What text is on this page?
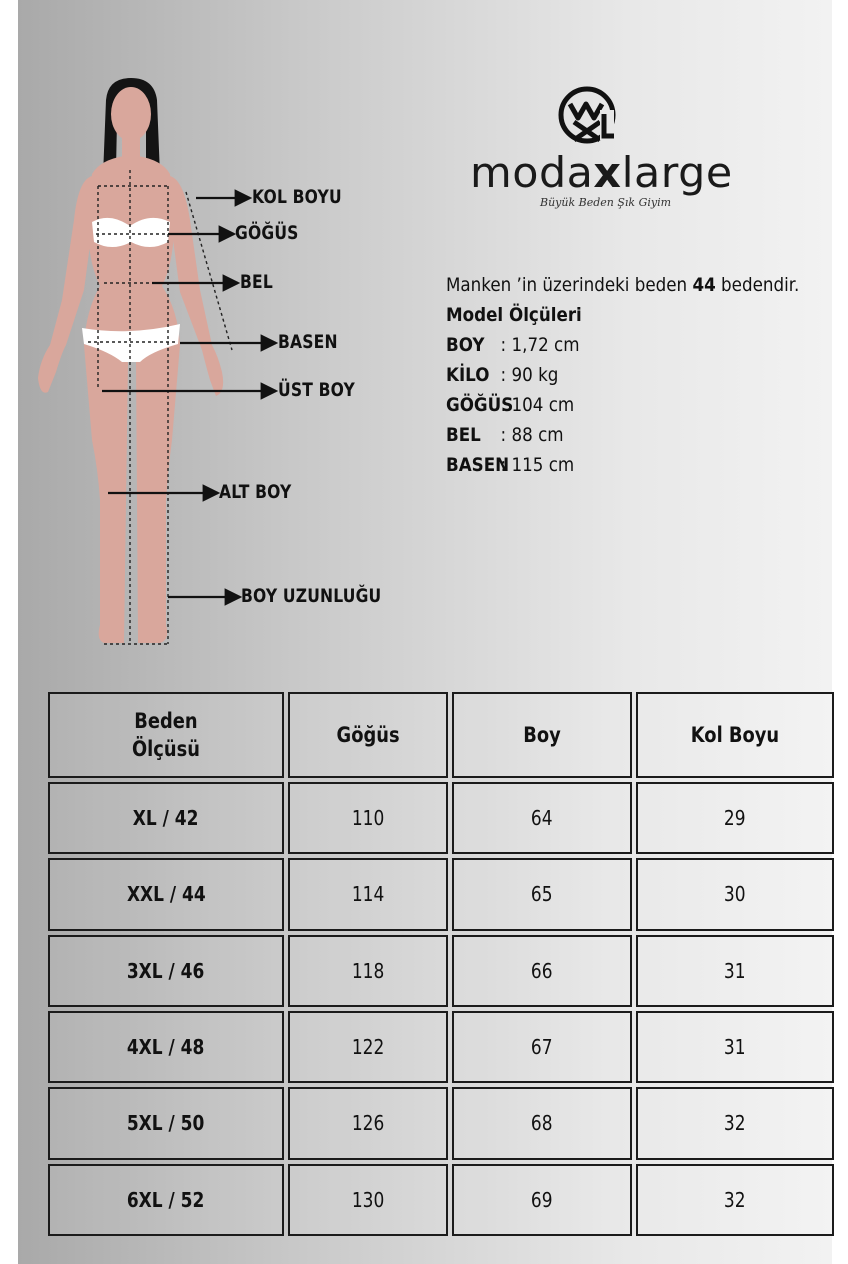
KOL BOYU
GÖĞÜS
BEL
BASEN
ÜST BOY
ALT BOY
BOY UZUNLUĞU
modaxlarge
Büyük Beden Şık Giyim
Manken ’in üzerindeki beden 44 bedendir.
Model Ölçüleri
BOY : 1,72 cm
KİLO : 90 kg
GÖĞÜS: 104 cm
BEL : 88 cm
BASEN: 115 cm
Beden
Ölçüsü	Göğüs	Boy	Kol Boyu
XL / 42	110	64	29
XXL / 44	114	65	30
3XL / 46	118	66	31
4XL / 48	122	67	31
5XL / 50	126	68	32
6XL / 52	130	69	32
